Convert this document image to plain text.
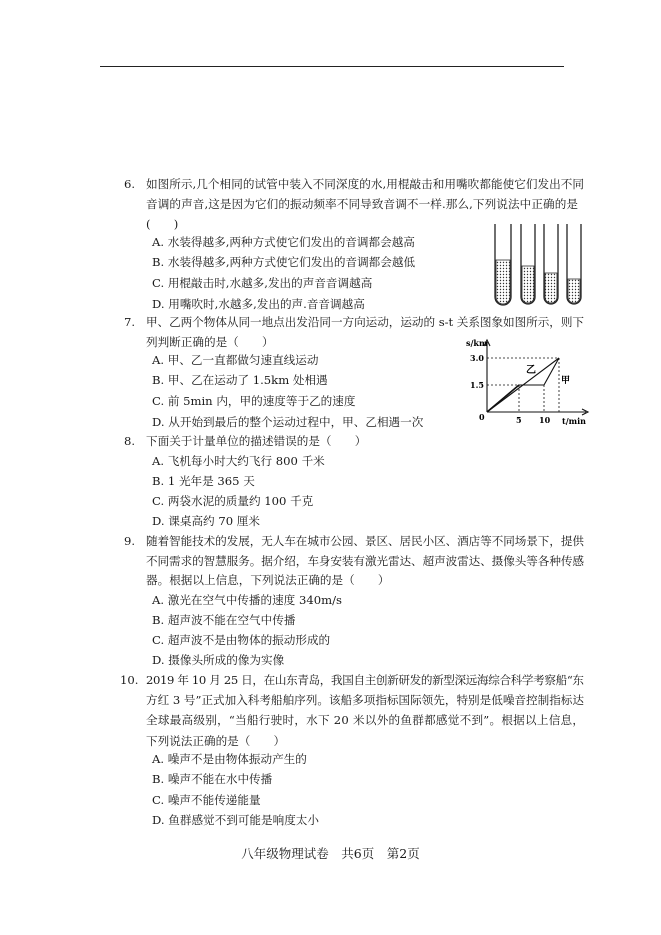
6. 如图所示,几个相同的试管中装入不同深度的水,用棍敲击和用嘴吹都能使它们发出不同
音调的声音,这是因为它们的振动频率不同导致音调不一样.那么,下列说法中正确的是
(　　)
A. 水装得越多,两种方式使它们发出的音调都会越高
B. 水装得越多,两种方式使它们发出的音调都会越低
C. 用棍敲击时,水越多,发出的声音音调越高
D. 用嘴吹时,水越多,发出的声.音音调越高
7. 甲、乙两个物体从同一地点出发沿同一方向运动，运动的 s-t 关系图象如图所示，则下
列判断正确的是（　　）
A. 甲、乙一直都做匀速直线运动
B. 甲、乙在运动了 1.5km 处相遇
C. 前 5min 内，甲的速度等于乙的速度
D. 从开始到最后的整个运动过程中，甲、乙相遇一次
s/km
3.0
1.5
0	5 10 t/min
乙
甲
8. 下面关于计量单位的描述错误的是（　　）
A. 飞机每小时大约飞行 800 千米
B. 1 光年是 365 天
C. 两袋水泥的质量约 100 千克
D. 课桌高约 70 厘米
9. 随着智能技术的发展，无人车在城市公园、景区、居民小区、酒店等不同场景下，提供
不同需求的智慧服务。据介绍，车身安装有激光雷达、超声波雷达、摄像头等各种传感
器。根据以上信息，下列说法正确的是（　　）
A. 激光在空气中传播的速度 340m/s
B. 超声波不能在空气中传播
C. 超声波不是由物体的振动形成的
D. 摄像头所成的像为实像
10. 2019 年 10 月 25 日，在山东青岛，我国自主创新研发的新型深远海综合科学考察船“东
方红 3 号”正式加入科考船舶序列。该船多项指标国际领先，特别是低噪音控制指标达
全球最高级别，“当船行驶时，水下 20 米以外的鱼群都感觉不到”。根据以上信息，
下列说法正确的是（　　）
A. 噪声不是由物体振动产生的
B. 噪声不能在水中传播
C. 噪声不能传递能量
D. 鱼群感觉不到可能是响度太小
八年级物理试卷　共6页　第2页
